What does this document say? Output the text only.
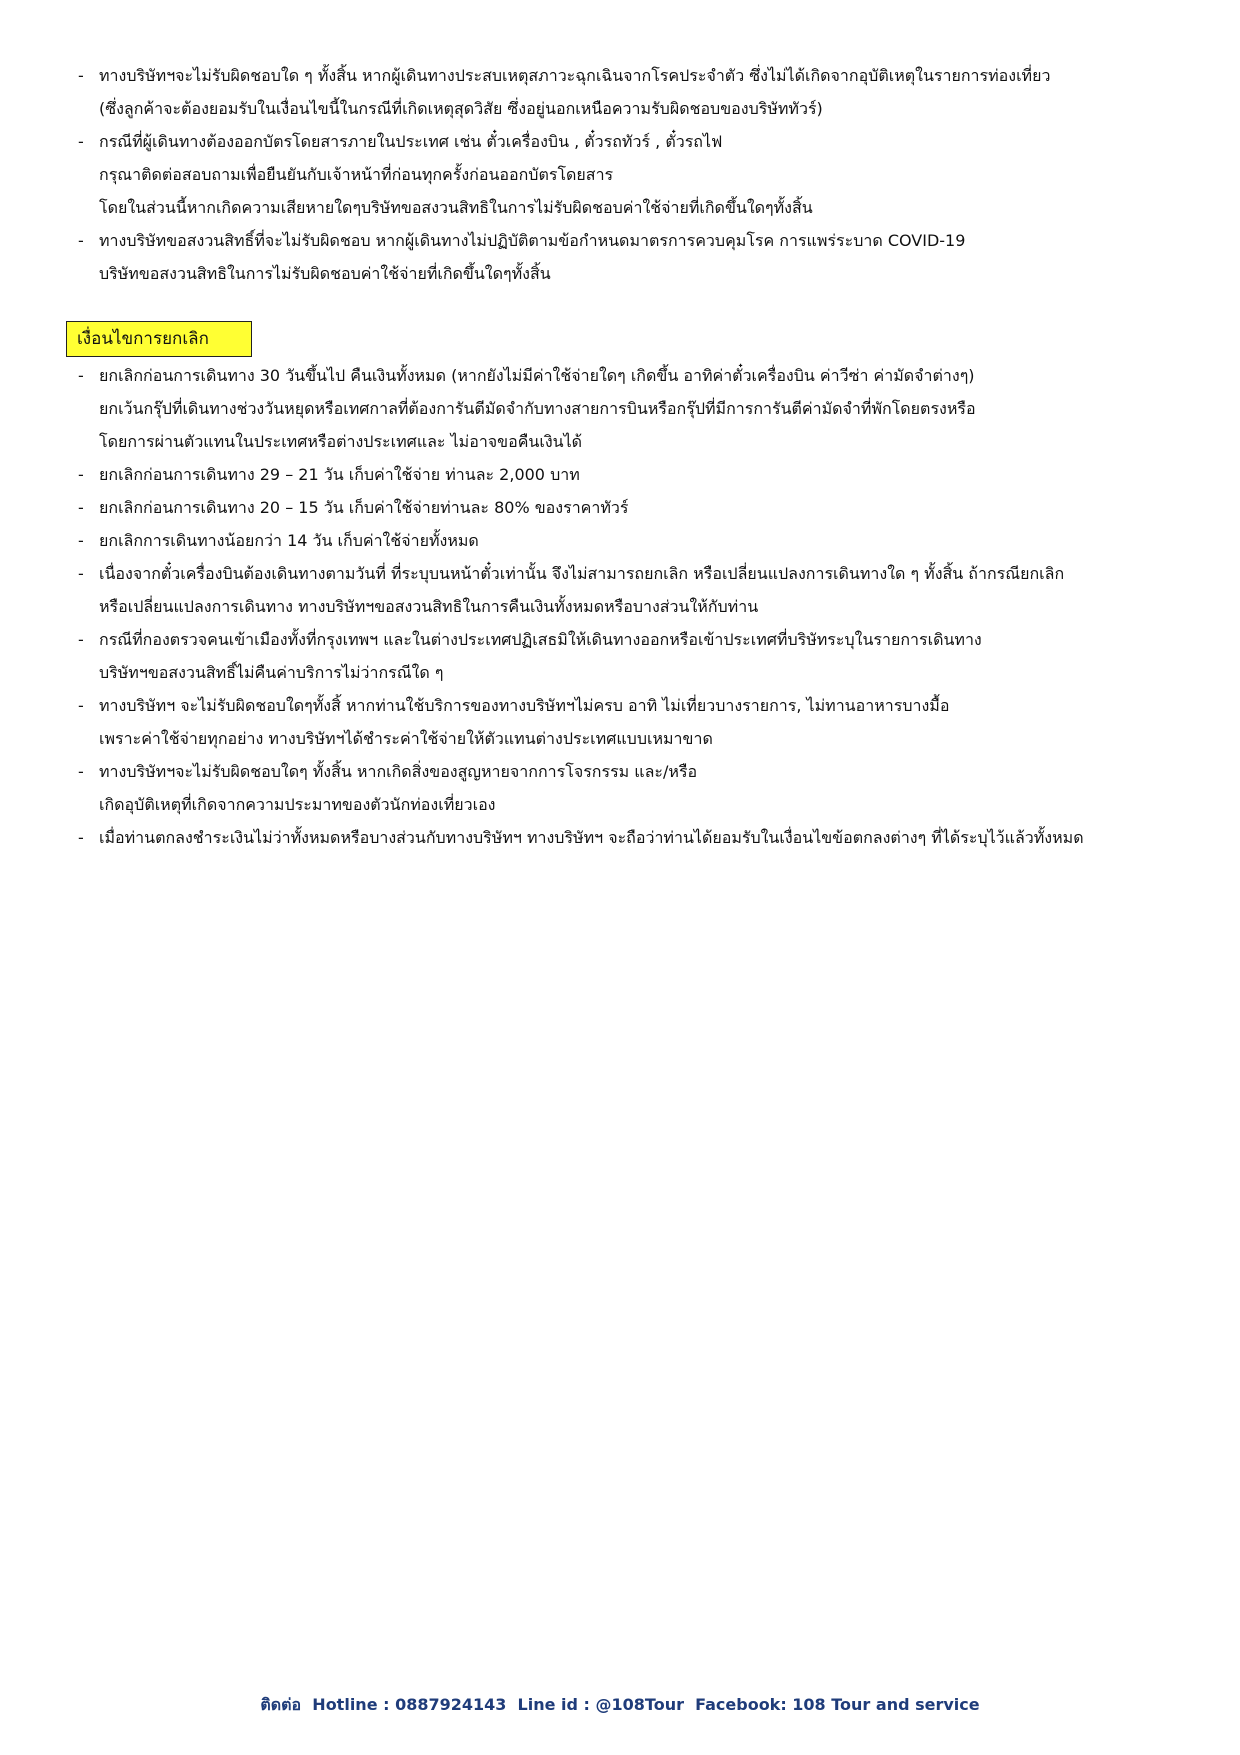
- ทางบริษัทฯจะไม่รับผิดชอบใด ๆ ทั้งสิ้น หากผู้เดินทางประสบเหตุสภาวะฉุกเฉินจากโรคประจำตัว ซึ่งไม่ได้เกิดจากอุบัติเหตุในรายการท่องเที่ยว
(ซึ่งลูกค้าจะต้องยอมรับในเงื่อนไขนี้ในกรณีที่เกิดเหตุสุดวิสัย ซึ่งอยู่นอกเหนือความรับผิดชอบของบริษัททัวร์)
- กรณีที่ผู้เดินทางต้องออกบัตรโดยสารภายในประเทศ เช่น ตั๋วเครื่องบิน , ตั๋วรถทัวร์ , ตั๋วรถไฟ
กรุณาติดต่อสอบถามเพื่อยืนยันกับเจ้าหน้าที่ก่อนทุกครั้งก่อนออกบัตรโดยสาร
โดยในส่วนนี้หากเกิดความเสียหายใดๆบริษัทขอสงวนสิทธิในการไม่รับผิดชอบค่าใช้จ่ายที่เกิดขึ้นใดๆทั้งสิ้น
- ทางบริษัทขอสงวนสิทธิ์ที่จะไม่รับผิดชอบ หากผู้เดินทางไม่ปฏิบัติตามข้อกำหนดมาตรการควบคุมโรค การแพร่ระบาด COVID-19
บริษัทขอสงวนสิทธิในการไม่รับผิดชอบค่าใช้จ่ายที่เกิดขึ้นใดๆทั้งสิ้น
เงื่อนไขการยกเลิก
- ยกเลิกก่อนการเดินทาง 30 วันขึ้นไป คืนเงินทั้งหมด (หากยังไม่มีค่าใช้จ่ายใดๆ เกิดขึ้น อาทิค่าตั๋วเครื่องบิน ค่าวีซ่า ค่ามัดจำต่างๆ)
ยกเว้นกรุ๊ปที่เดินทางช่วงวันหยุดหรือเทศกาลที่ต้องการันตีมัดจำกับทางสายการบินหรือกรุ๊ปที่มีการการันตีค่ามัดจำที่พักโดยตรงหรือ
โดยการผ่านตัวแทนในประเทศหรือต่างประเทศและ ไม่อาจขอคืนเงินได้
- ยกเลิกก่อนการเดินทาง 29 – 21 วัน เก็บค่าใช้จ่าย ท่านละ 2,000 บาท
- ยกเลิกก่อนการเดินทาง 20 – 15 วัน เก็บค่าใช้จ่ายท่านละ 80% ของราคาทัวร์
- ยกเลิกการเดินทางน้อยกว่า 14 วัน เก็บค่าใช้จ่ายทั้งหมด
- เนื่องจากตั๋วเครื่องบินต้องเดินทางตามวันที่ ที่ระบุบนหน้าตั๋วเท่านั้น จึงไม่สามารถยกเลิก หรือเปลี่ยนแปลงการเดินทางใด ๆ ทั้งสิ้น ถ้ากรณียกเลิก
หรือเปลี่ยนแปลงการเดินทาง ทางบริษัทฯขอสงวนสิทธิในการคืนเงินทั้งหมดหรือบางส่วนให้กับท่าน
- กรณีที่กองตรวจคนเข้าเมืองทั้งที่กรุงเทพฯ และในต่างประเทศปฏิเสธมิให้เดินทางออกหรือเข้าประเทศที่บริษัทระบุในรายการเดินทาง
บริษัทฯขอสงวนสิทธิ์ไม่คืนค่าบริการไม่ว่ากรณีใด ๆ
- ทางบริษัทฯ จะไม่รับผิดชอบใดๆทั้งสิ้ หากท่านใช้บริการของทางบริษัทฯไม่ครบ อาทิ ไม่เที่ยวบางรายการ, ไม่ทานอาหารบางมื้อ
เพราะค่าใช้จ่ายทุกอย่าง ทางบริษัทฯได้ชำระค่าใช้จ่ายให้ตัวแทนต่างประเทศแบบเหมาขาด
- ทางบริษัทฯจะไม่รับผิดชอบใดๆ ทั้งสิ้น หากเกิดสิ่งของสูญหายจากการโจรกรรม และ/หรือ
เกิดอุบัติเหตุที่เกิดจากความประมาทของตัวนักท่องเที่ยวเอง
- เมื่อท่านตกลงชำระเงินไม่ว่าทั้งหมดหรือบางส่วนกับทางบริษัทฯ ทางบริษัทฯ จะถือว่าท่านได้ยอมรับในเงื่อนไขข้อตกลงต่างๆ ที่ได้ระบุไว้แล้วทั้งหมด
ติดต่อ  Hotline : 0887924143  Line id : @108Tour  Facebook: 108 Tour and service
